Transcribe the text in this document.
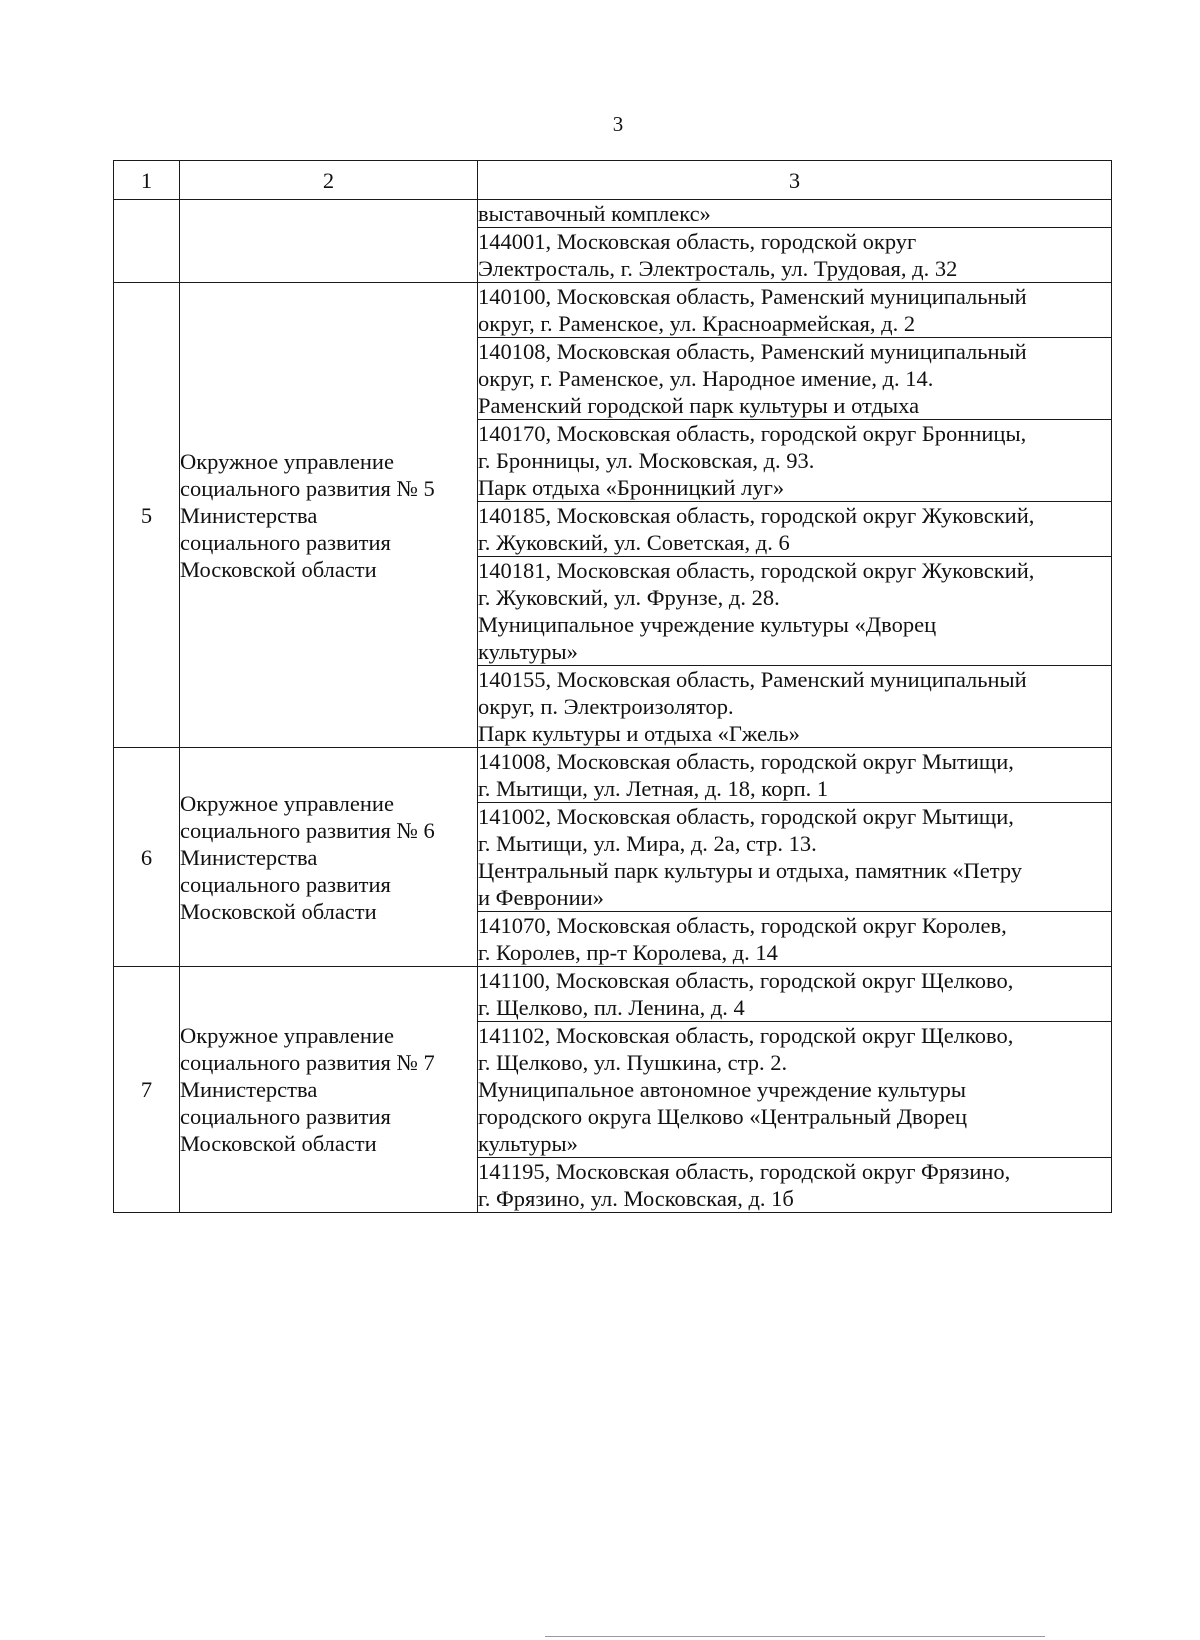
3
1	2	3

		выставочный комплекс»

		144001, Московская область, городской округ
Электросталь, г. Электросталь, ул. Трудовая, д. 32

5	Окружное управление
социального развития № 5
Министерства
социального развития
Московской области	140100, Московская область, Раменский муниципальный
округ, г. Раменское, ул. Красноармейская, д. 2

		140108, Московская область, Раменский муниципальный
округ, г. Раменское, ул. Народное имение, д. 14.
Раменский городской парк культуры и отдыха

		140170, Московская область, городской округ Бронницы,
г. Бронницы, ул. Московская, д. 93.
Парк отдыха «Бронницкий луг»

		140185, Московская область, городской округ Жуковский,
г. Жуковский, ул. Советская, д. 6

		140181, Московская область, городской округ Жуковский,
г. Жуковский, ул. Фрунзе, д. 28.
Муниципальное учреждение культуры «Дворец
культуры»

		140155, Московская область, Раменский муниципальный
округ, п. Электроизолятор.
Парк культуры и отдыха «Гжель»

6	Окружное управление
социального развития № 6
Министерства
социального развития
Московской области	141008, Московская область, городской округ Мытищи,
г. Мытищи, ул. Летная, д. 18, корп. 1

		141002, Московская область, городской округ Мытищи,
г. Мытищи, ул. Мира, д. 2а, стр. 13.
Центральный парк культуры и отдыха, памятник «Петру
и Февронии»

		141070, Московская область, городской округ Королев,
г. Королев, пр-т Королева, д. 14

7	Окружное управление
социального развития № 7
Министерства
социального развития
Московской области	141100, Московская область, городской округ Щелково,
г. Щелково, пл. Ленина, д. 4

		141102, Московская область, городской округ Щелково,
г. Щелково, ул. Пушкина, стр. 2.
Муниципальное автономное учреждение культуры
городского округа Щелково «Центральный Дворец
культуры»

		141195, Московская область, городской округ Фрязино,
г. Фрязино, ул. Московская, д. 1б
